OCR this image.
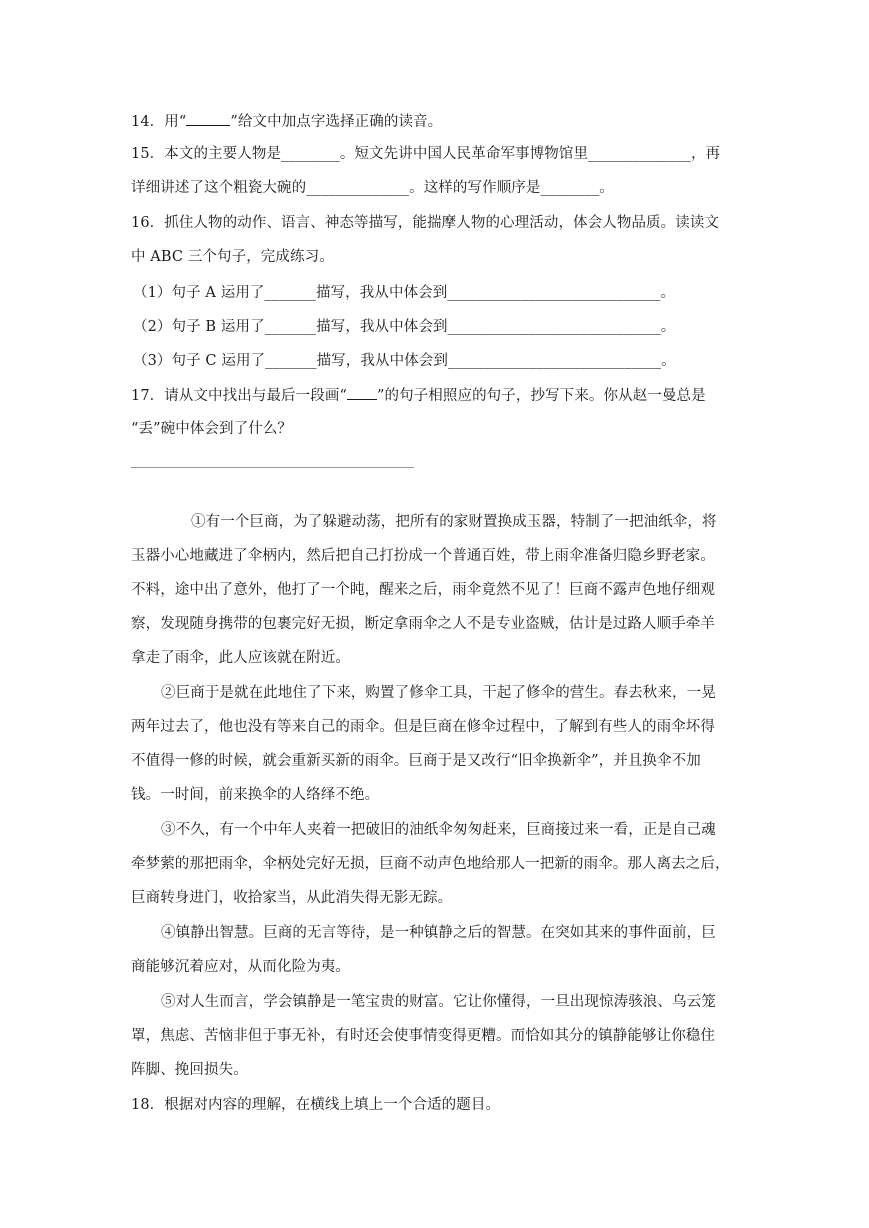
14．用“	”给文中加点字选择正确的读音。
15．本文的主要人物是________。短文先讲中国人民革命军事博物馆里______________，再
详细讲述了这个粗瓷大碗的______________。这样的写作顺序是________。
16．抓住人物的动作、语言、神态等描写，能揣摩人物的心理活动，体会人物品质。读读文
中 ABC 三个句子，完成练习。
（1）句子 A 运用了_______描写，我从中体会到_____________________________。
（2）句子 B 运用了_______描写，我从中体会到_____________________________。
（3）句子 C 运用了_______描写，我从中体会到_____________________________。
17．请从文中找出与最后一段画“ ”的句子相照应的句子，抄写下来。你从赵一曼总是
“丢”碗中体会到了什么？
①有一个巨商，为了躲避动荡，把所有的家财置换成玉器，特制了一把油纸伞，将
玉器小心地藏进了伞柄内，然后把自己打扮成一个普通百姓，带上雨伞准备归隐乡野老家。
不料，途中出了意外，他打了一个盹，醒来之后，雨伞竟然不见了！巨商不露声色地仔细观
察，发现随身携带的包裹完好无损，断定拿雨伞之人不是专业盗贼，估计是过路人顺手牵羊
拿走了雨伞，此人应该就在附近。
②巨商于是就在此地住了下来，购置了修伞工具，干起了修伞的营生。春去秋来，一晃
两年过去了，他也没有等来自己的雨伞。但是巨商在修伞过程中，了解到有些人的雨伞坏得
不值得一修的时候，就会重新买新的雨伞。巨商于是又改行“旧伞换新伞”，并且换伞不加
钱。一时间，前来换伞的人络绎不绝。
③不久，有一个中年人夹着一把破旧的油纸伞匆匆赶来，巨商接过来一看，正是自己魂
牵梦萦的那把雨伞，伞柄处完好无损，巨商不动声色地给那人一把新的雨伞。那人离去之后，
巨商转身进门，收拾家当，从此消失得无影无踪。
④镇静出智慧。巨商的无言等待，是一种镇静之后的智慧。在突如其来的事件面前，巨
商能够沉着应对，从而化险为夷。
⑤对人生而言，学会镇静是一笔宝贵的财富。它让你懂得，一旦出现惊涛骇浪、乌云笼
罩，焦虑、苦恼非但于事无补，有时还会使事情变得更糟。而恰如其分的镇静能够让你稳住
阵脚、挽回损失。
18．根据对内容的理解，在横线上填上一个合适的题目。
